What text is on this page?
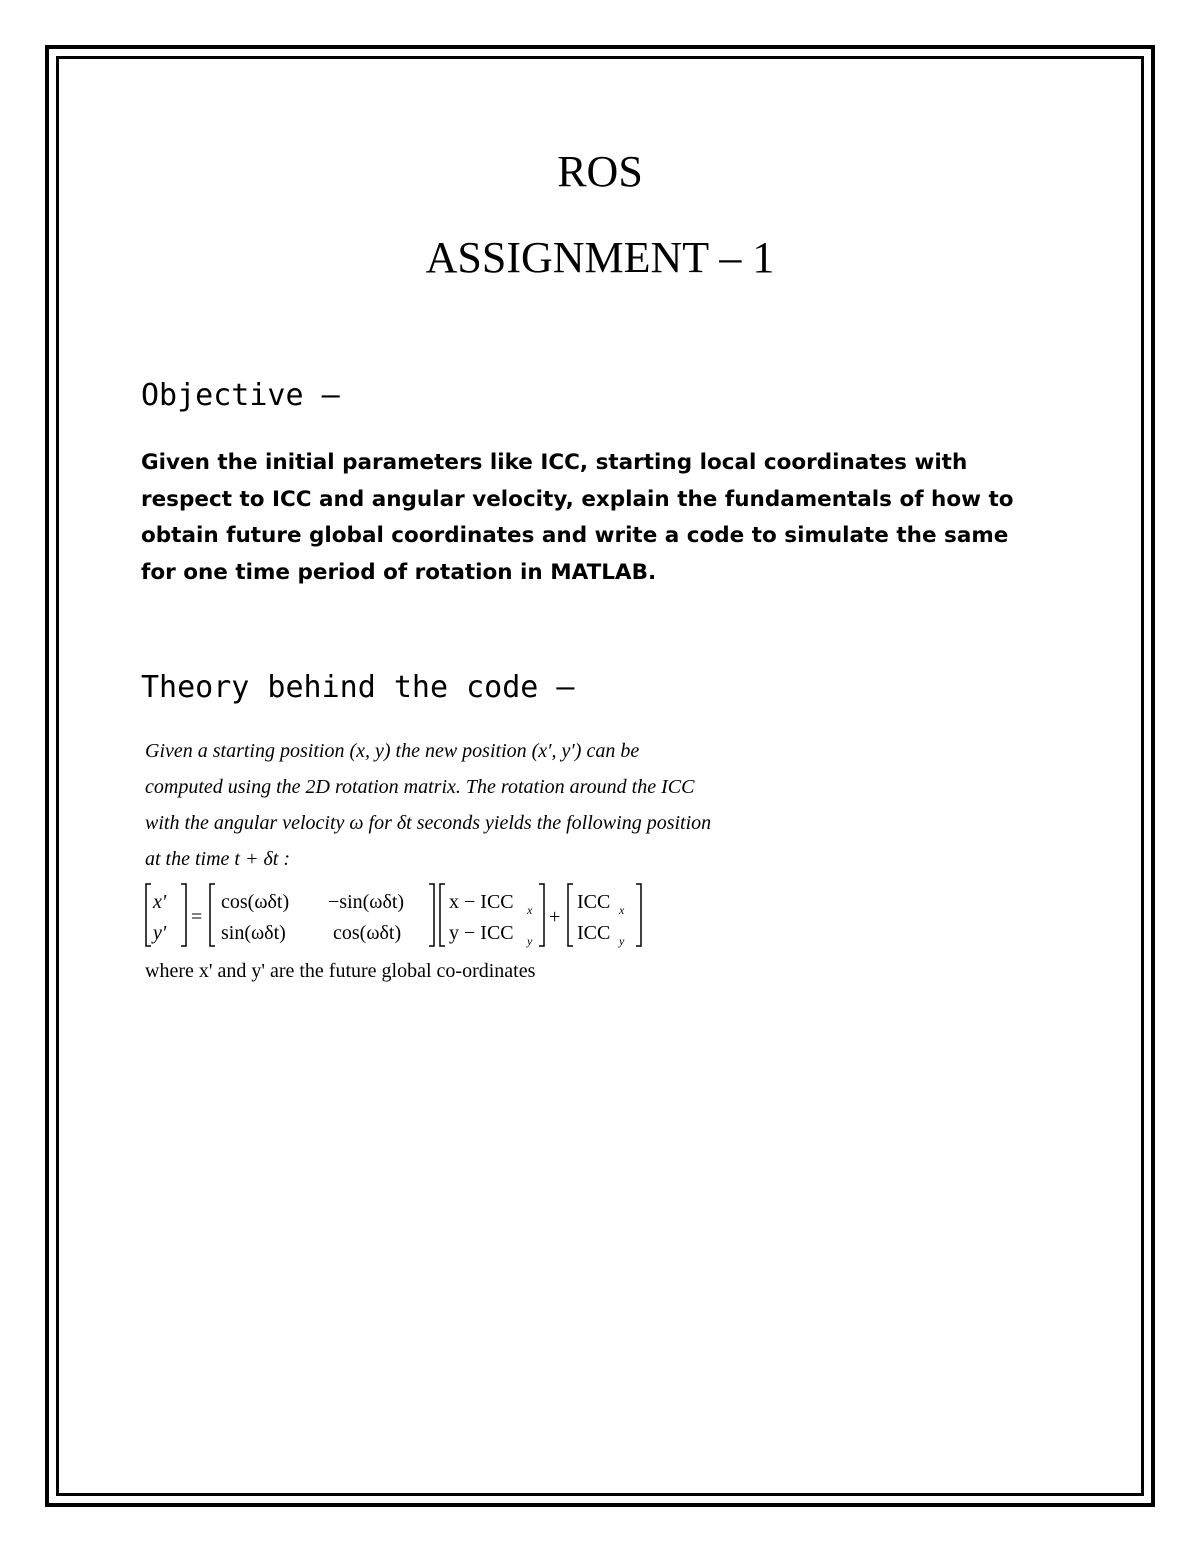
ROS
ASSIGNMENT – 1
Objective –
Given the initial parameters like ICC, starting local coordinates with
respect to ICC and angular velocity, explain the fundamentals of how to
obtain future global coordinates and write a code to simulate the same
for one time period of rotation in MATLAB.
Theory behind the code –
Given a starting position (x, y) the new position (x′, y′) can be
computed using the 2D rotation matrix. The rotation around the ICC
with the angular velocity ω for δt seconds yields the following position
at the time t + δt :
x'
y'
=
cos(ωδt) −sin(ωδt)
sin(ωδt) cos(ωδt)
x − ICC x
y − ICC y
+
ICC x
ICC y
where x' and y' are the future global co-ordinates
